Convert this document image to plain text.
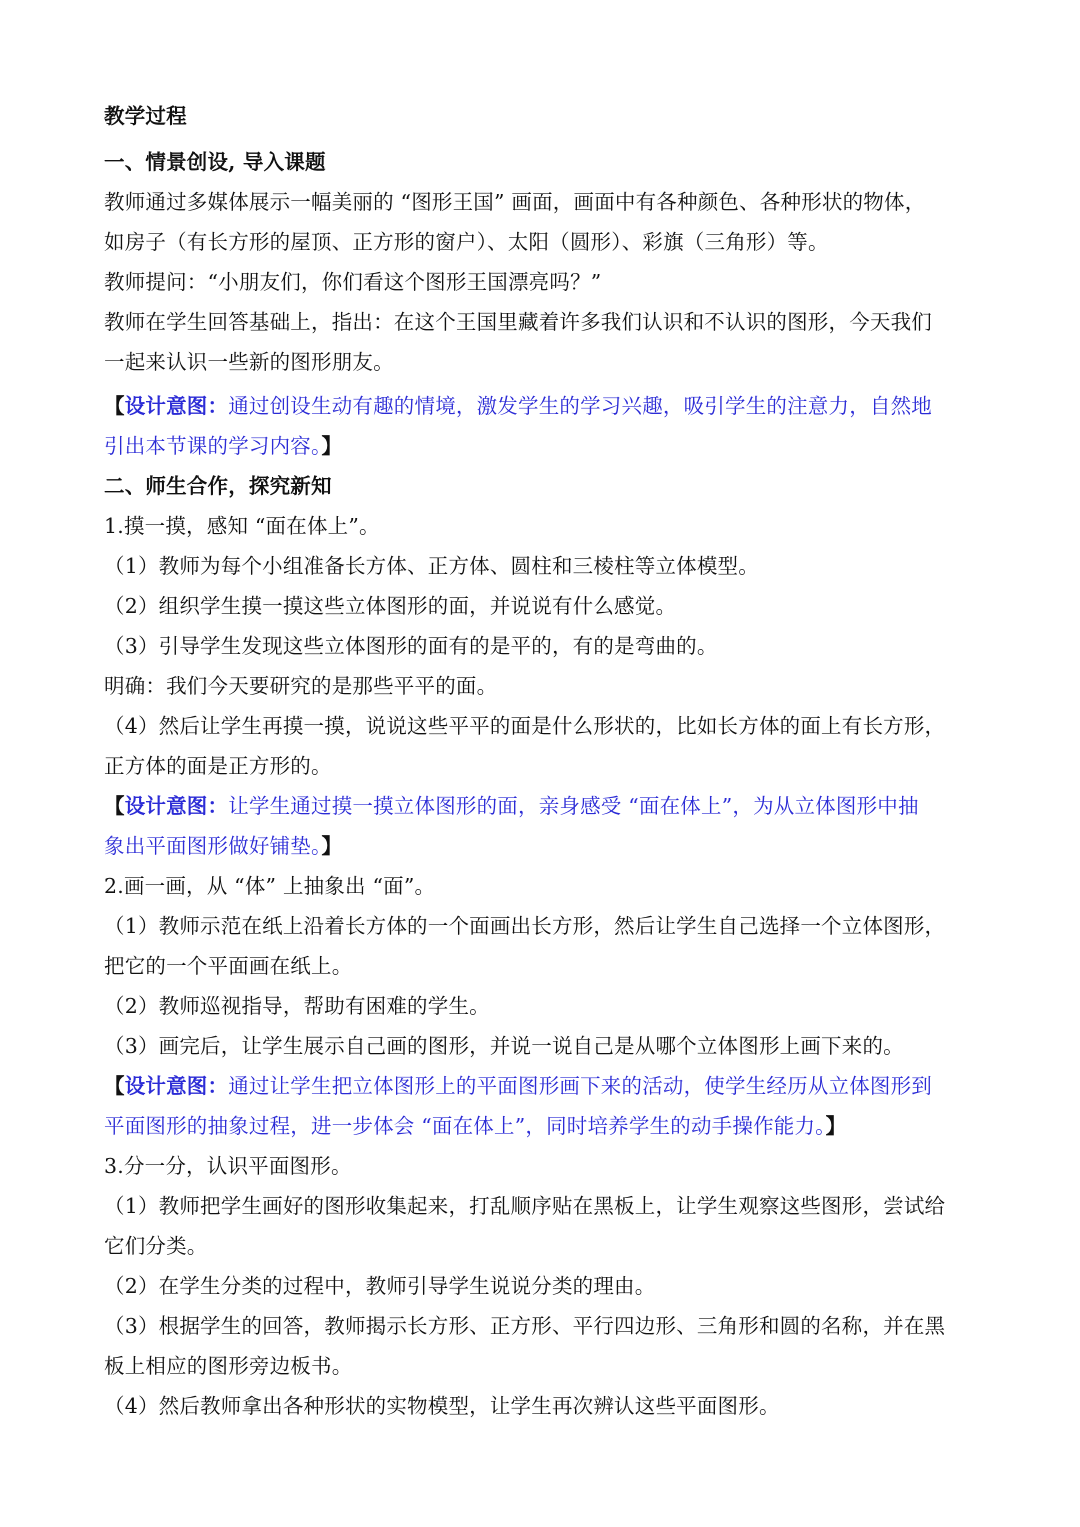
教学过程
一、情景创设, 导入课题
教师通过多媒体展示一幅美丽的 “图形王国” 画面，画面中有各种颜色、各种形状的物体，
如房子（有长方形的屋顶、正方形的窗户）、太阳（圆形）、彩旗（三角形）等。
教师提问：“小朋友们，你们看这个图形王国漂亮吗？”
教师在学生回答基础上，指出：在这个王国里藏着许多我们认识和不认识的图形，今天我们
一起来认识一些新的图形朋友。
【设计意图：通过创设生动有趣的情境，激发学生的学习兴趣，吸引学生的注意力，自然地
引出本节课的学习内容。】
二、师生合作，探究新知
1.摸一摸，感知 “面在体上”。
（1）教师为每个小组准备长方体、正方体、圆柱和三棱柱等立体模型。
（2）组织学生摸一摸这些立体图形的面，并说说有什么感觉。
（3）引导学生发现这些立体图形的面有的是平的，有的是弯曲的。
明确：我们今天要研究的是那些平平的面。
（4）然后让学生再摸一摸，说说这些平平的面是什么形状的，比如长方体的面上有长方形，
正方体的面是正方形的。
【设计意图：让学生通过摸一摸立体图形的面，亲身感受 “面在体上”，为从立体图形中抽
象出平面图形做好铺垫。】
2.画一画，从 “体” 上抽象出 “面”。
（1）教师示范在纸上沿着长方体的一个面画出长方形，然后让学生自己选择一个立体图形，
把它的一个平面画在纸上。
（2）教师巡视指导，帮助有困难的学生。
（3）画完后，让学生展示自己画的图形，并说一说自己是从哪个立体图形上画下来的。
【设计意图：通过让学生把立体图形上的平面图形画下来的活动，使学生经历从立体图形到
平面图形的抽象过程，进一步体会 “面在体上”，同时培养学生的动手操作能力。】
3.分一分，认识平面图形。
（1）教师把学生画好的图形收集起来，打乱顺序贴在黑板上，让学生观察这些图形，尝试给
它们分类。
（2）在学生分类的过程中，教师引导学生说说分类的理由。
（3）根据学生的回答，教师揭示长方形、正方形、平行四边形、三角形和圆的名称，并在黑
板上相应的图形旁边板书。
（4）然后教师拿出各种形状的实物模型，让学生再次辨认这些平面图形。
